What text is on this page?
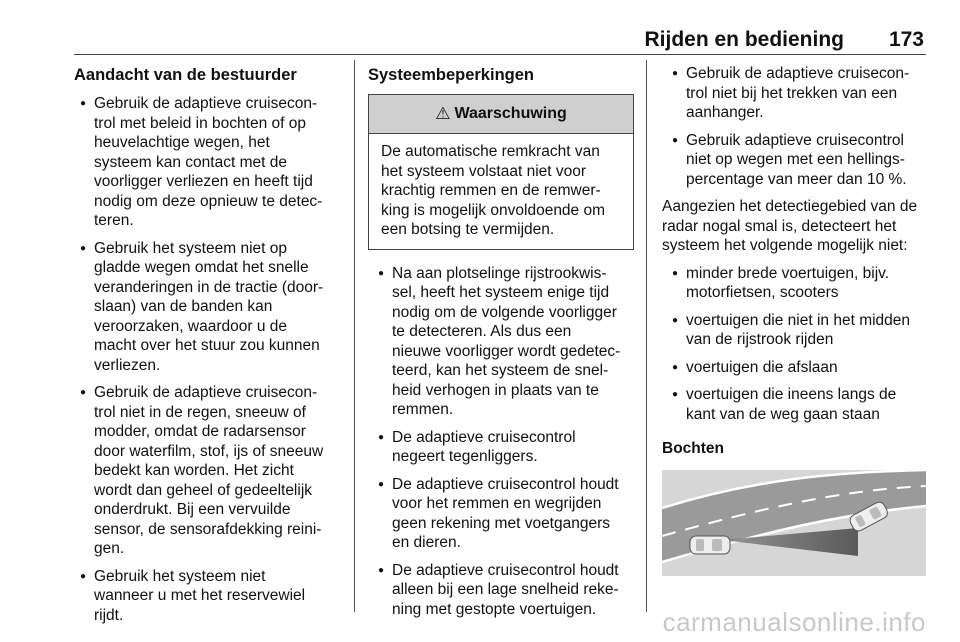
Rijden en bediening 173
Aandacht van de bestuurder
● Gebruik de adaptieve cruisecon-
trol met beleid in bochten of op
heuvelachtige wegen, het
systeem kan contact met de
voorligger verliezen en heeft tijd
nodig om deze opnieuw te detec-
teren.
● Gebruik het systeem niet op
gladde wegen omdat het snelle
veranderingen in de tractie (door-
slaan) van de banden kan
veroorzaken, waardoor u de
macht over het stuur zou kunnen
verliezen.
● Gebruik de adaptieve cruisecon-
trol niet in de regen, sneeuw of
modder, omdat de radarsensor
door waterfilm, stof, ijs of sneeuw
bedekt kan worden. Het zicht
wordt dan geheel of gedeeltelijk
onderdrukt. Bij een vervuilde
sensor, de sensorafdekking reini-
gen.
● Gebruik het systeem niet
wanneer u met het reservewiel
rijdt.
Systeembeperkingen
⚠ Waarschuwing
De automatische remkracht van
het systeem volstaat niet voor
krachtig remmen en de remwer-
king is mogelijk onvoldoende om
een botsing te vermijden.
● Na aan plotselinge rijstrookwis-
sel, heeft het systeem enige tijd
nodig om de volgende voorligger
te detecteren. Als dus een
nieuwe voorligger wordt gedetec-
teerd, kan het systeem de snel-
heid verhogen in plaats van te
remmen.
● De adaptieve cruisecontrol
negeert tegenliggers.
● De adaptieve cruisecontrol houdt
voor het remmen en wegrijden
geen rekening met voetgangers
en dieren.
● De adaptieve cruisecontrol houdt
alleen bij een lage snelheid reke-
ning met gestopte voertuigen.
● Gebruik de adaptieve cruisecon-
trol niet bij het trekken van een
aanhanger.
● Gebruik adaptieve cruisecontrol
niet op wegen met een hellings-
percentage van meer dan 10 %.

Aangezien het detectiegebied van de
radar nogal smal is, detecteert het
systeem het volgende mogelijk niet:

● minder brede voertuigen, bijv.
motorfietsen, scooters
● voertuigen die niet in het midden
van de rijstrook rijden
● voertuigen die afslaan
● voertuigen die ineens langs de
kant van de weg gaan staan
Bochten
carmanualsonline.info
